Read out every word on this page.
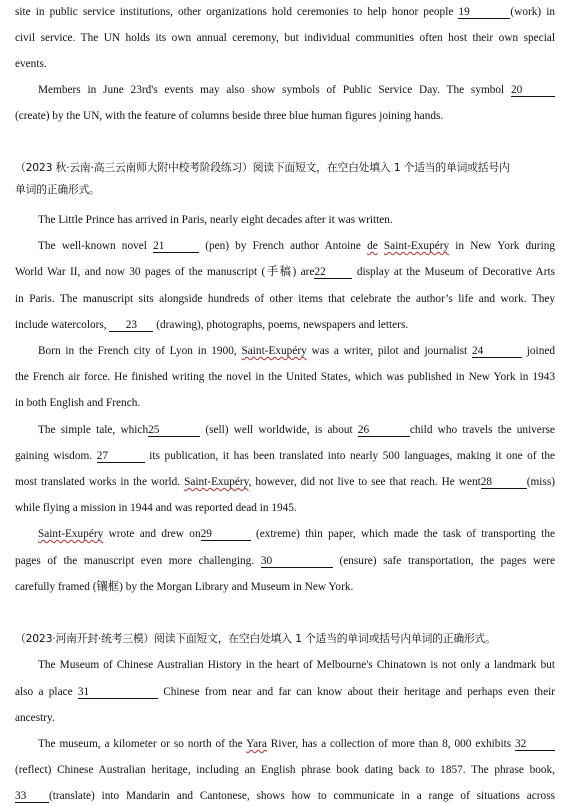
site in public service institutions, other organizations hold ceremonies to help honor people 19	(work) in
civil service. The UN holds its own annual ceremony, but individual communities often host their own special
events.
Members in June 23rd's events may also show symbols of Public Service Day. The symbol 20
(create) by the UN, with the feature of columns beside three blue human figures joining hands.
（2023 秋·云南·高三云南师大附中校考阶段练习）阅读下面短文，在空白处填入 1 个适当的单词或括号内
单词的正确形式。
The Little Prince has arrived in Paris, nearly eight decades after it was written.
The well-known novel 21	(pen) by French author Antoine de Saint-Exupéry in New York during
World War II, and now 30 pages of the manuscript (手稿) are22 display at the Museum of Decorative Arts
in Paris. The manuscript sits alongside hundreds of other items that celebrate the author’s life and work. They
include watercolors, 23 (drawing), photographs, poems, newspapers and letters.
Born in the French city of Lyon in 1900, Saint-Exupéry was a writer, pilot and journalist 24	joined
the French air force. He finished writing the novel in the United States, which was published in New York in 1943
in both English and French.
The simple tale, which25	(sell) well worldwide, is about 26	child who travels the universe
gaining wisdom. 27	its publication, it has been translated into nearly 500 languages, making it one of the
most translated works in the world. Saint-Exupéry, however, did not live to see that reach. He went28	(miss)
while flying a mission in 1944 and was reported dead in 1945.
Saint-Exupéry wrote and drew on29	(extreme) thin paper, which made the task of transporting the
pages of the manuscript even more challenging. 30	(ensure) safe transportation, the pages were
carefully framed (镶框) by the Morgan Library and Museum in New York.
（2023·河南开封·统考三模）阅读下面短文，在空白处填入 1 个适当的单词或括号内单词的正确形式。
The Museum of Chinese Australian History in the heart of Melbourne's Chinatown is not only a landmark but
also a place 31	Chinese from near and far can know about their heritage and perhaps even their
ancestry.
The museum, a kilometer or so north of the Yara River, has a collection of more than 8, 000 exhibits 32
(reflect) Chinese Australian heritage, including an English phrase book dating back to 1857. The phrase book,
33 (translate) into Mandarin and Cantonese, shows how to communicate in a range of situations across
